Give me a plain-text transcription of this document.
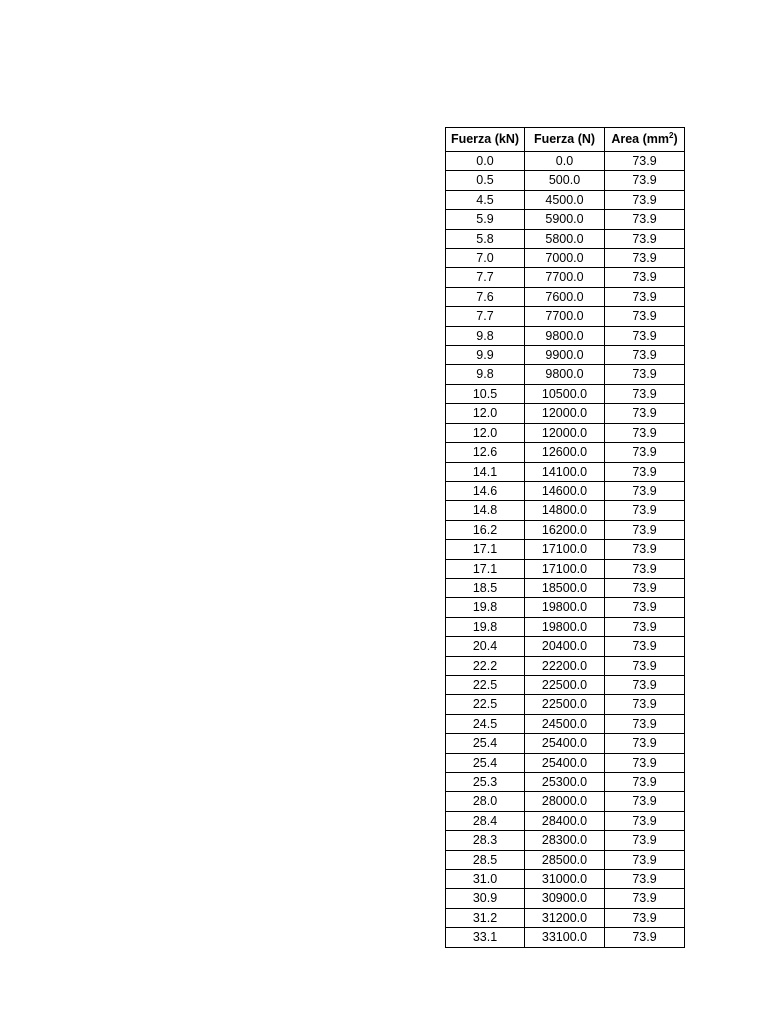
Fuerza (kN)	Fuerza (N)	Area $(mm^2)$
0.0	0.0	73.9
0.5	500.0	73.9
4.5	4500.0	73.9
5.9	5900.0	73.9
5.8	5800.0	73.9
7.0	7000.0	73.9
7.7	7700.0	73.9
7.6	7600.0	73.9
7.7	7700.0	73.9
9.8	9800.0	73.9
9.9	9900.0	73.9
9.8	9800.0	73.9
10.5	10500.0	73.9
12.0	12000.0	73.9
12.0	12000.0	73.9
12.6	12600.0	73.9
14.1	14100.0	73.9
14.6	14600.0	73.9
14.8	14800.0	73.9
16.2	16200.0	73.9
17.1	17100.0	73.9
17.1	17100.0	73.9
18.5	18500.0	73.9
19.8	19800.0	73.9
19.8	19800.0	73.9
20.4	20400.0	73.9
22.2	22200.0	73.9
22.5	22500.0	73.9
22.5	22500.0	73.9
24.5	24500.0	73.9
25.4	25400.0	73.9
25.4	25400.0	73.9
25.3	25300.0	73.9
28.0	28000.0	73.9
28.4	28400.0	73.9
28.3	28300.0	73.9
28.5	28500.0	73.9
31.0	31000.0	73.9
30.9	30900.0	73.9
31.2	31200.0	73.9
33.1	33100.0	73.9
